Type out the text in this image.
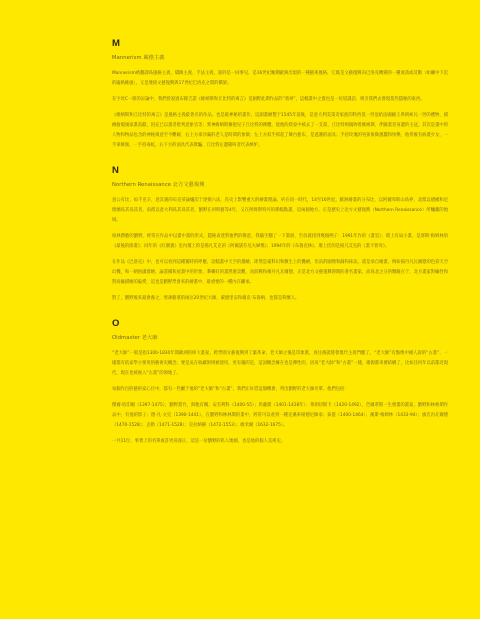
M
Mannerism 風格主義

Mannerism被翻譯爲風格主義、矯飾主義、手法主義，說的是一回事兒，是16世紀晚期歐洲出現的一種藝術風格，它既是文藝復興向巴洛克轉變的一種衰落或反動（如繼中下沉的龐格維風），又是連接文藝復興與17世紀巴洛克之間的橋梁。

在字母C一節的討論中，我們曾說過布隆吉諾《維納斯和丘比特的寓言》是創野此期作品的“翡翠”，這幅畫中之置也是一好道謎語，吸引我們去發現莫些隱秘的東西。

《維納斯和丘比特的寓言》是風格主義最著名的作品，也是最神秘的畫作。這副畫繪製于1545年前後，是意大利美第奇家族的科西莫一世送給法國國王弗朗索瓦一世的禮物，描繪偷窺頭家畫前獻，因充已以畫者批判意象官等；愛神維納斯擁抱兒子丘比特的裸體，從他的肢姿中被去了一支箭，丘比特則親吻着維納斯，伴隨畫者身邊的主冠。其次是畫中的人物和物品包含的神秘寓意至今難解，右上方拿沙漏的老人是時間的象徵；左上方似乎抓起了舞台藍布，是遮護的面具；手持玫瑰的男孩象徵愚蠢和快樂，他背後有病農少女，一手拿蜂蜜，一手持毒蛇，右下方的面具代表欺騙，丘比特左邊確叫者代表嫉妒。

N
Northern Renaissance 北方文藝復興

意公有比，如千克辛，意其裏的布克蒂論爐次于達頓六法，肖史上影響重大的繪畫理論。約在同一時代，14至16世紀，歐洲繪畫的分布比，以阿爾卑斯山爲界，北派以德國和尼德蘭爲其爲其者，南派以意大利爲其爲其者，劉野在初時藝等4年，又在阿姆斯特丹的那幅點畫，這兩個地方，正是歷史上北方文藝復興（Northern Renaissance）所釀藏的地域。

柏林爵藝的劉野，經常在作品中以畫中畫的形式，隱秘表達對他們的敬意，我隨手翻了一下畫冊，至份就找到幾個例子：1991年作的《畫室》，壇上有扇小畫，是澤斯·梅姆林的《最後的掛畫》；同年的《紅圍裏》室內壇上的是揚凡艾克的《阿爾諾芬尼夫婦像》；1994年的《布魯克林》，壇上挂的是揚凡艾克的《畫卡智母》。

在作品《巴洛克》中，也可以看到這種獨特的呼應，這幅畫中天空的描繪，即然是蒙科幻和敷生上的疊繪，但鬲的圖像和歸和抹法，還是承自繪畫，例如揚丹凡瓦爾德的色彩天空幻機，和一朝困滿群繪，論書據和屋畫中的形象，羣構好的畫然裏景觀，而前戰和揭丹凡瓦爾德，正是北方文藝復興時期的著名畫家，而爲北之分的醫鏡在于，北方畫家對編性和對高級描繪的偏愛，這也是劉野學會來的繪畫中，最重要的一種內在繼承。

對了，劉野後來最會養之，寒凍藝菜的兩位20世紀大師，蒙德里安和雄克·布魯納，也都是荷蘭人。

O
Oldmaster 老大師

“老大師”一般是指1300-1830年間歐洲的偉大畫家，跨學園文藝復興到丁葉革命，老大師之後是印象派，再往後就將會現代主義門檻了。“老大師”有點像中國人說的“古畫”，一樣都有依家學小要用的藝術史概念，要是吳在收藏領域被使用，更有嚴的是，這詞概念擁在也是彈性的，因爲“老大師”和“古畫”一樣，確源都來審結構了，比如任何年以前都近現代，現在也被視入“古畫”的領地了。

每個作出的藝術家心目中，都有一些屬于他的“老大師”和“古畫”，我們正好借這個機會，列出劉野的老大師名單，他們包括：

傑爾·哈印爾（1397-1475），劉野畫竹，與他有關；安杰利科（1400-55）；馬薩喬（1401-1428年）；弗朗切斯卡（1420-1492），芭爾蒂斯一生發畫的畫家，劉野和林林期作品中，有他的影子；德·凡·文克（1390-1441），在劉野和林林期的畫中，經常可以看到一種克溪車揚德尼師承；泰提（1400-1464）；溪斯·梅姆林（1433-94）；旗氏丙瓦爾德（1470-1528）；丟勒（1471-1528）；克拉納赫（1472-1553）；維米爾（1632-1675）。

一共11位，事實上的名單或許更爲漫正，這是一份劉野的私人地圖，也是他的個人美術史。
